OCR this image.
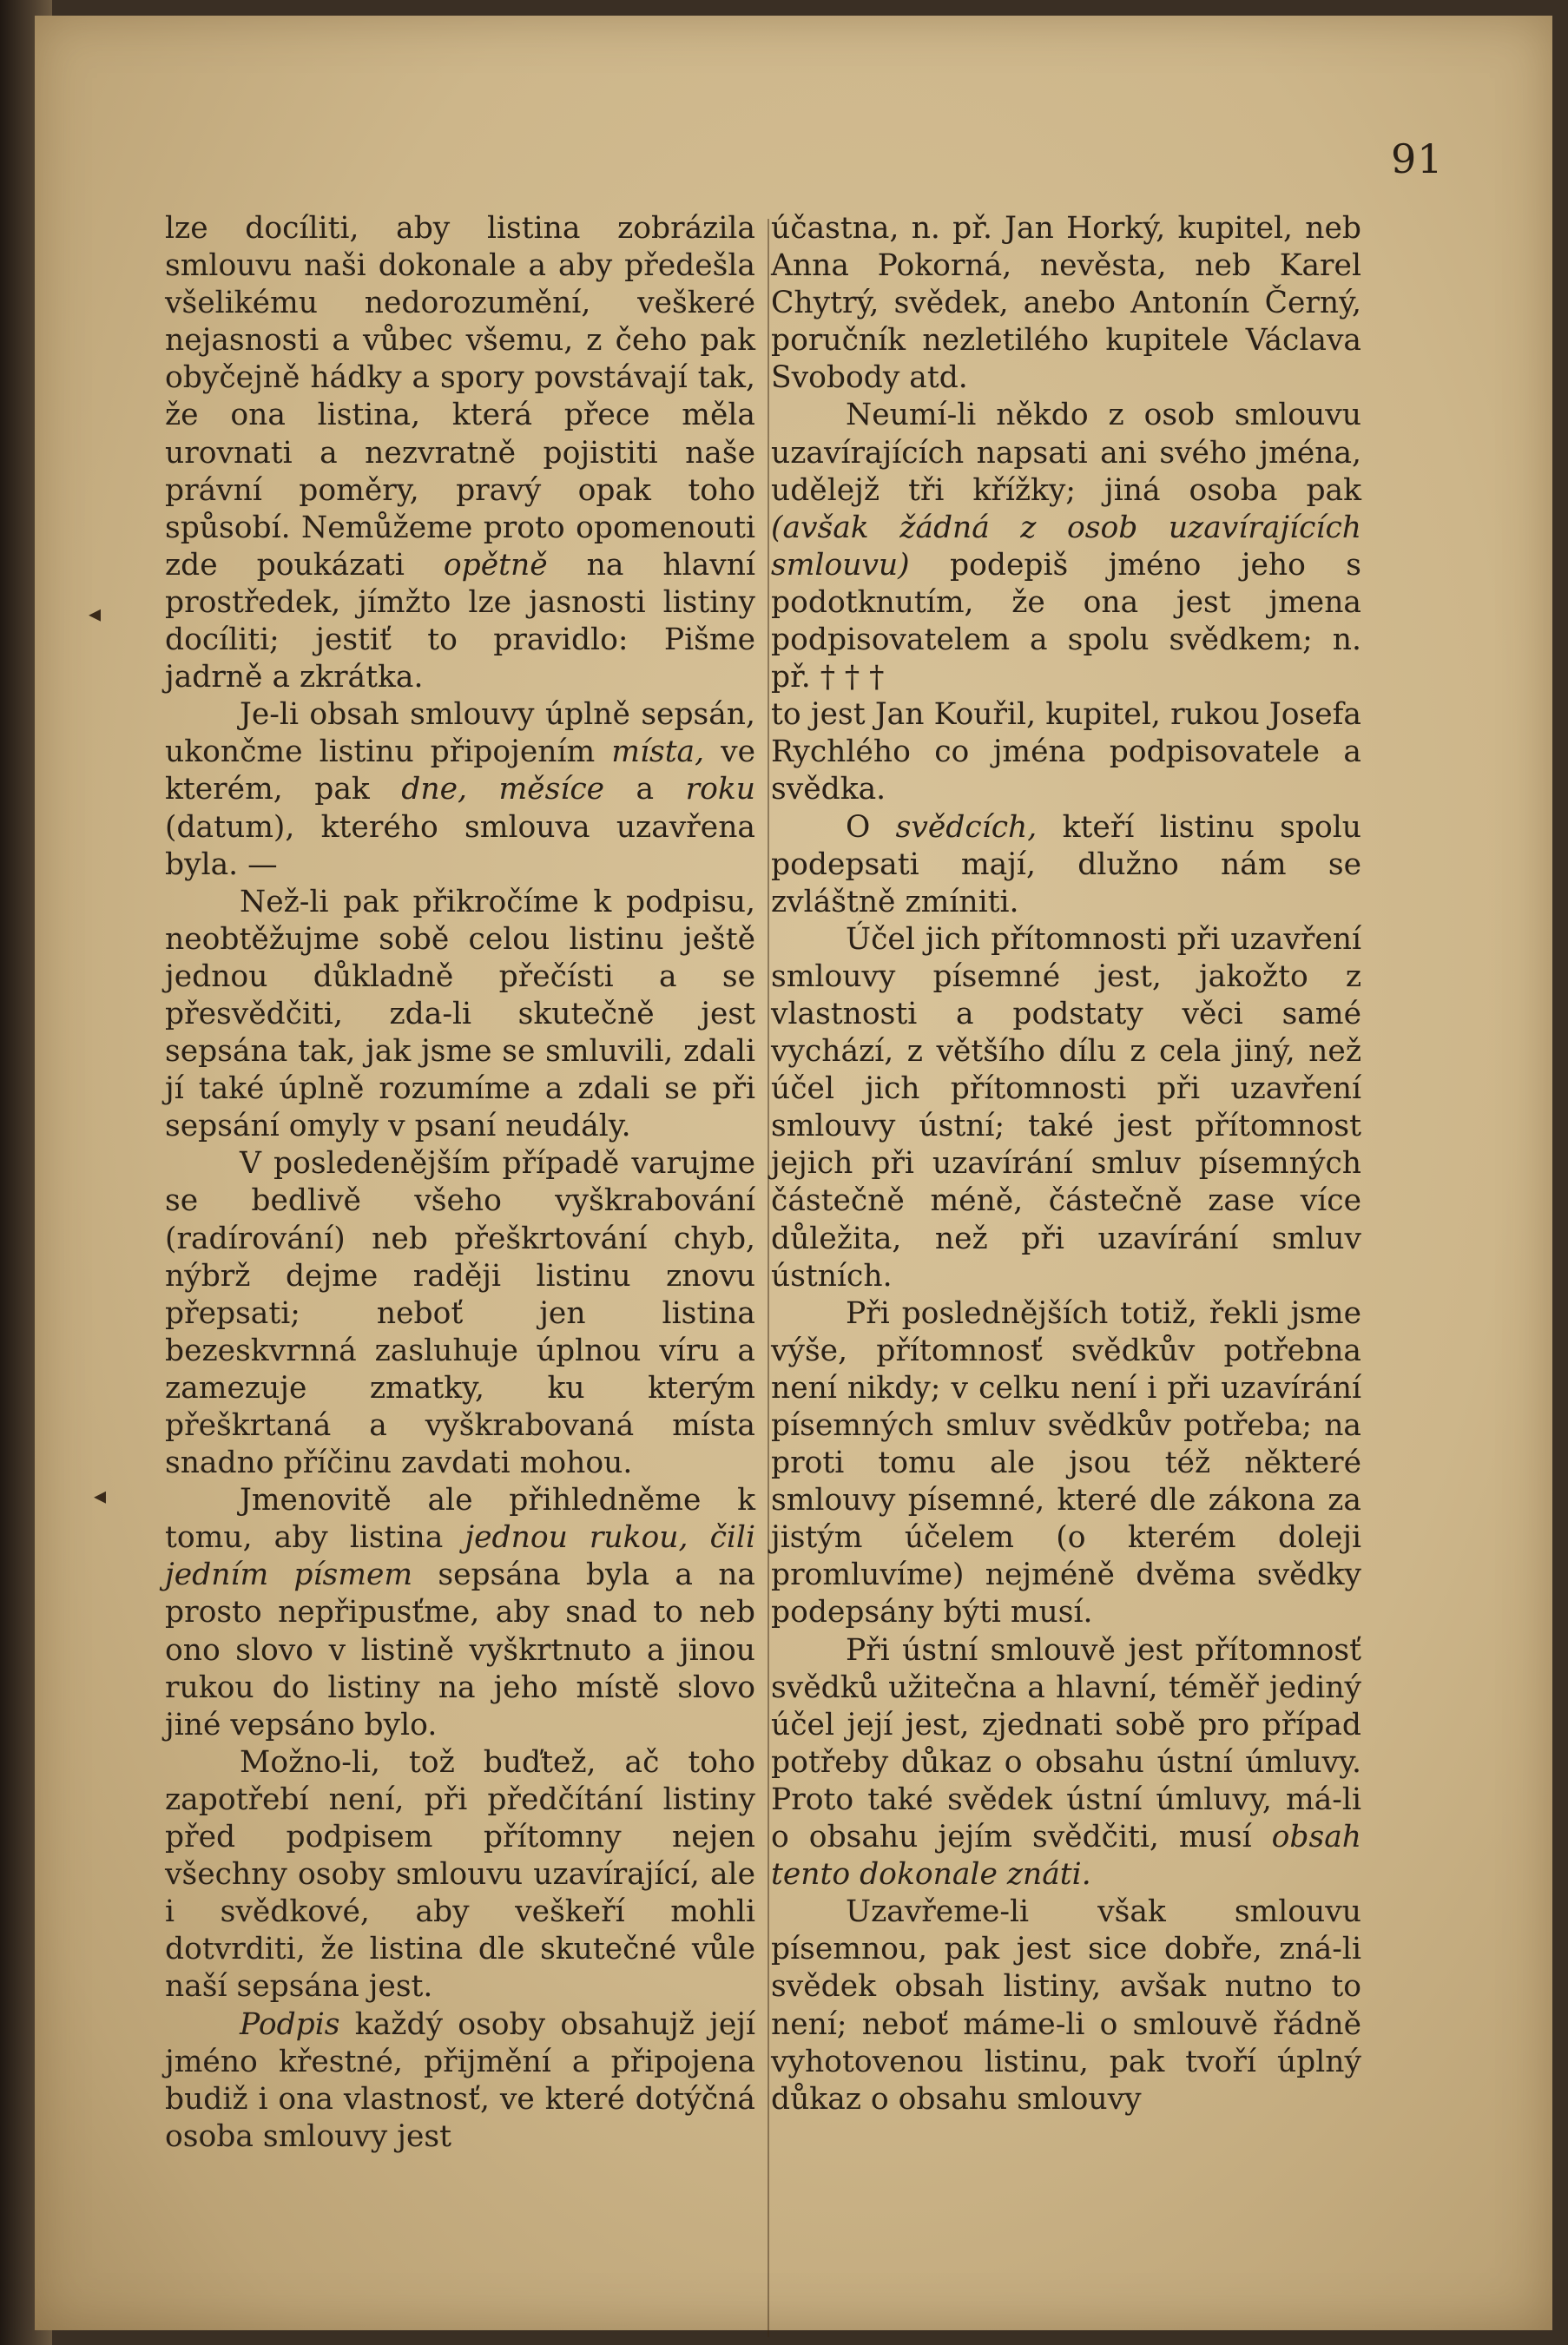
91
◂
◂

lze docíliti, aby listina zobrázila smlouvu naši dokonale a aby předešla všelikému nedorozumění, veškeré nejasnosti a vůbec všemu, z čeho pak obyčejně hádky a spory povstávají tak, že ona listina, která přece měla urovnati a nezvratně pojistiti naše právní poměry, pravý opak toho spůsobí. Nemůžeme proto opomenouti zde poukázati opětně na hlavní prostředek, jímžto lze jasnosti listiny docíliti; jestiť to pravidlo: Pišme jadrně a zkrátka.

Je-li obsah smlouvy úplně sepsán, ukončme listinu připojením místa, ve kterém, pak dne, měsíce a roku (datum), kterého smlouva uzavřena byla. —

Než-li pak přikročíme k podpisu, neobtěžujme sobě celou listinu ještě jednou důkladně přečísti a se přesvědčiti, zda-li skutečně jest sepsána tak, jak jsme se smluvili, zdali jí také úplně rozumíme a zdali se při sepsání omyly v psaní neudály.

V posledenějším případě varujme se bedlivě všeho vyškrabování (radírování) neb přeškrtování chyb, nýbrž dejme raději listinu znovu přepsati; neboť jen listina bezeskvrnná zasluhuje úplnou víru a zamezuje zmatky, ku kterým přeškrtaná a vyškrabovaná místa snadno příčinu zavdati mohou.

Jmenovitě ale přihledněme k tomu, aby listina jednou rukou, čili jedním písmem sepsána byla a na prosto nepřipusťme, aby snad to neb ono slovo v listině vyškrtnuto a jinou rukou do listiny na jeho místě slovo jiné vepsáno bylo.

Možno-li, tož buďtež, ač toho zapotřebí není, při předčítání listiny před podpisem přítomny nejen všechny osoby smlouvu uzavírající, ale i svědkové, aby veškeří mohli dotvrditi, že listina dle skutečné vůle naší sepsána jest.

Podpis každý osoby obsahujž její jméno křestné, přijmění a připojena budiž i ona vlastnosť, ve které dotýčná osoba smlouvy jest

účastna, n. př. Jan Horký, kupitel, neb Anna Pokorná, nevěsta, neb Karel Chytrý, svědek, anebo Antonín Černý, poručník nezletilého kupitele Václava Svobody atd.

Neumí-li někdo z osob smlouvu uzavírajících napsati ani svého jména, udělejž tři křížky; jiná osoba pak (avšak žádná z osob uzavírajících smlouvu) podepiš jméno jeho s podotknutím, že ona jest jmena podpisovatelem a spolu svědkem; n. př. † † †

to jest Jan Kouřil, kupitel, rukou Josefa Rychlého co jména podpisovatele a svědka.

O svědcích, kteří listinu spolu podepsati mají, dlužno nám se zvláštně zmíniti.

Účel jich přítomnosti při uzavření smlouvy písemné jest, jakožto z vlastnosti a podstaty věci samé vychází, z většího dílu z cela jiný, než účel jich přítomnosti při uzavření smlouvy ústní; také jest přítomnost jejich při uzavírání smluv písemných částečně méně, částečně zase více důležita, než při uzavírání smluv ústních.

Při poslednějších totiž, řekli jsme výše, přítomnosť svědkův potřebna není nikdy; v celku není i při uzavírání písemných smluv svědkův potřeba; na proti tomu ale jsou též některé smlouvy písemné, které dle zákona za jistým účelem (o kterém doleji promluvíme) nejméně dvěma svědky podepsány býti musí.

Při ústní smlouvě jest přítomnosť svědků užitečna a hlavní, téměř jediný účel její jest, zjednati sobě pro případ potřeby důkaz o obsahu ústní úmluvy. Proto také svědek ústní úmluvy, má-li o obsahu jejím svědčiti, musí obsah tento dokonale znáti.

Uzavřeme-li však smlouvu písemnou, pak jest sice dobře, zná-li svědek obsah listiny, avšak nutno to není; neboť máme-li o smlouvě řádně vyhotovenou listinu, pak tvoří úplný důkaz o obsahu smlouvy
